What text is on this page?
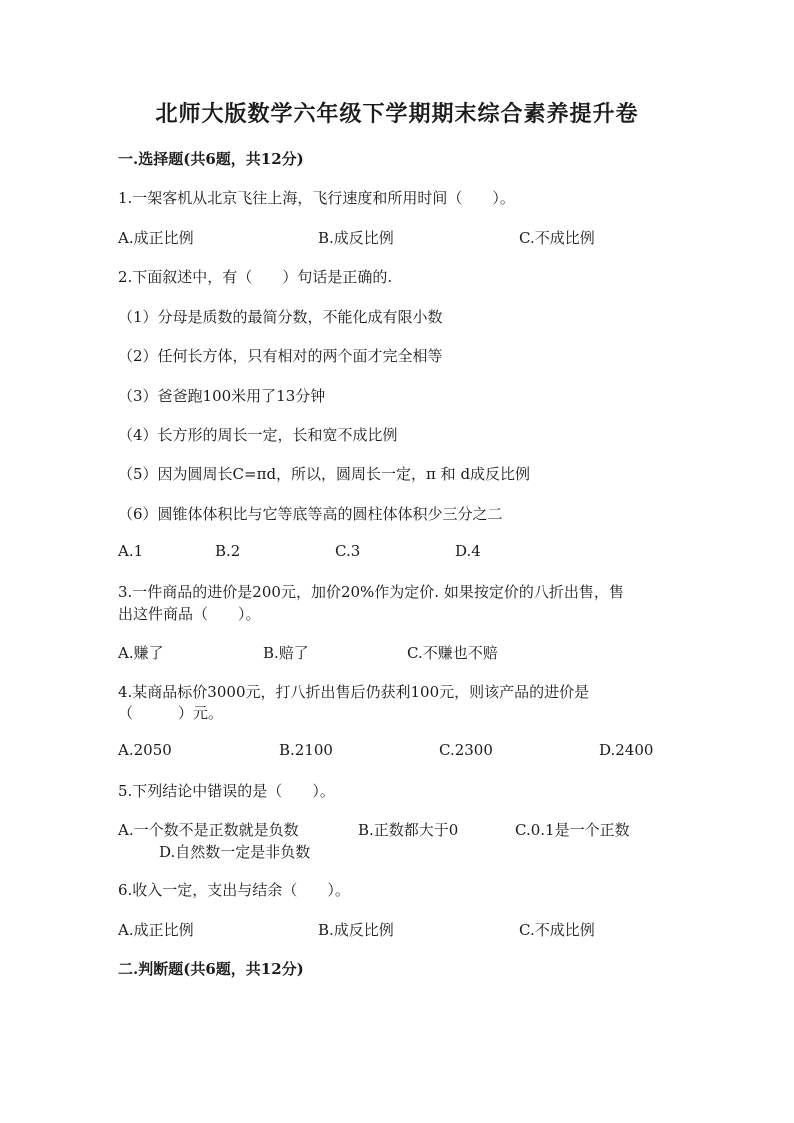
北师大版数学六年级下学期期末综合素养提升卷
一.选择题(共6题，共12分)
1.一架客机从北京飞往上海，飞行速度和所用时间（　　）。
A.成正比例	B.成反比例	C.不成比例
2.下面叙述中，有（　　）句话是正确的.
（1）分母是质数的最简分数，不能化成有限小数
（2）任何长方体，只有相对的两个面才完全相等
（3）爸爸跑100米用了13分钟
（4）长方形的周长一定，长和宽不成比例
（5）因为圆周长C=πd，所以，圆周长一定，π 和 d成反比例
（6）圆锥体体积比与它等底等高的圆柱体体积少三分之二
A.1	B.2	C.3	D.4
3.一件商品的进价是200元，加价20%作为定价. 如果按定价的八折出售，售
出这件商品（　　）。
A.赚了	B.赔了	C.不赚也不赔
4.某商品标价3000元，打八折出售后仍获利100元，则该产品的进价是
（　　　）元。
A.2050	B.2100	C.2300	D.2400
5.下列结论中错误的是（　　）。
A.一个数不是正数就是负数	B.正数都大于0	C.0.1是一个正数
D.自然数一定是非负数
6.收入一定，支出与结余（　　）。
A.成正比例	B.成反比例	C.不成比例
二.判断题(共6题，共12分)
